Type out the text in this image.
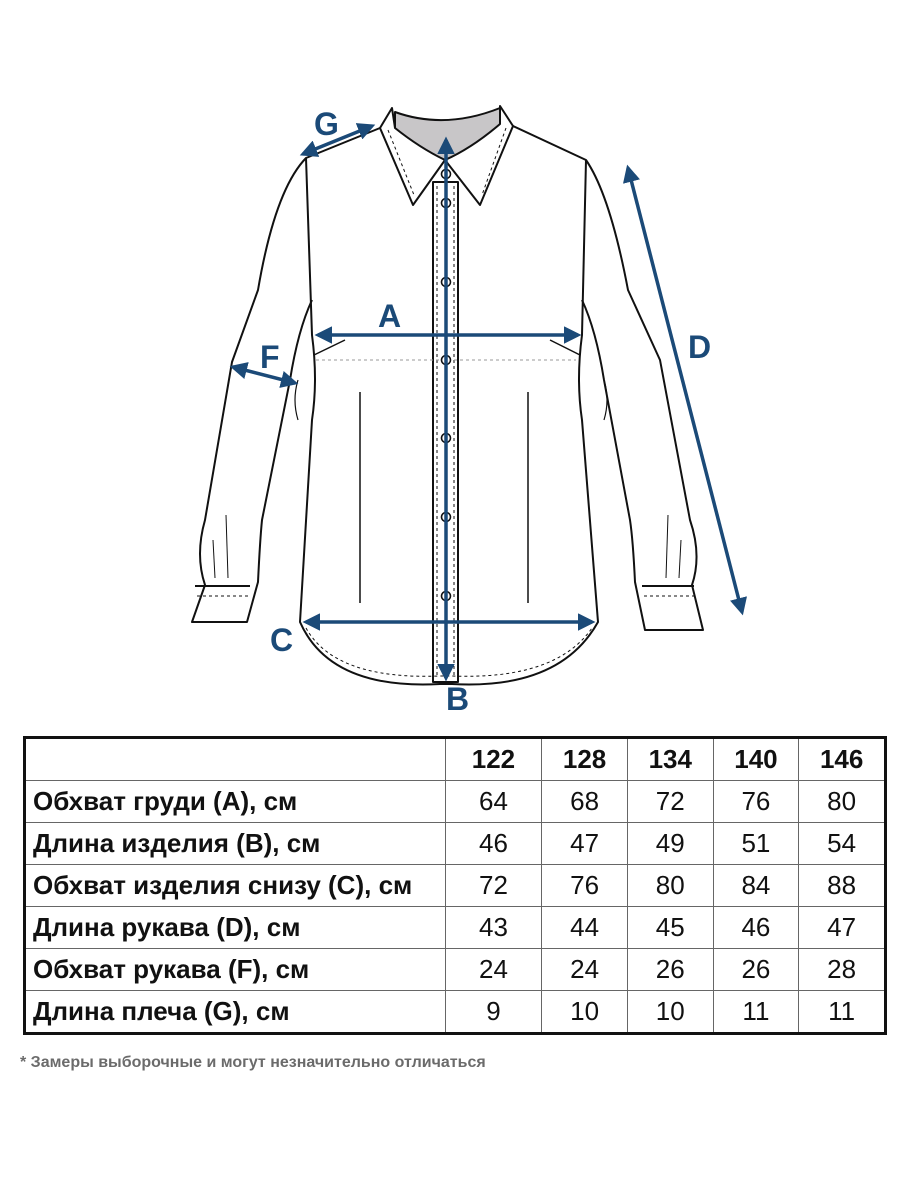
A
B
C
D
F
G
	122	128	134	140	146
Обхват груди (А), см	64	68	72	76	80
Длина изделия (В), см	46	47	49	51	54
Обхват изделия снизу (С), см	72	76	80	84	88
Длина рукава (D), см	43	44	45	46	47
Обхват рукава (F), см	24	24	26	26	28
Длина плеча (G), см	9	10	10	11	11
* Замеры выборочные и могут незначительно отличаться
